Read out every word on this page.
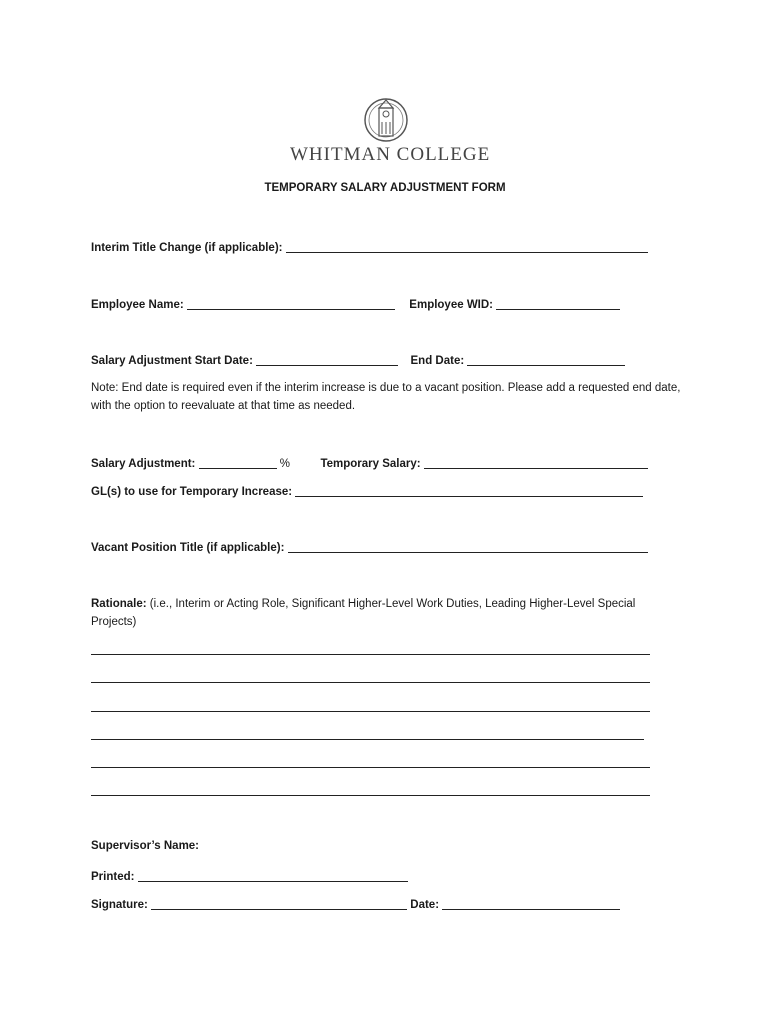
WHITMAN COLLEGE
TEMPORARY SALARY ADJUSTMENT FORM
Interim Title Change (if applicable):
Employee Name:	Employee WID:
Salary Adjustment Start Date:	End Date:
Note: End date is required even if the interim increase is due to a vacant position. Please add a requested end date, with the option to reevaluate at that time as needed.
Salary Adjustment:	%	Temporary Salary:
GL(s) to use for Temporary Increase:
Vacant Position Title (if applicable):
Rationale: (i.e., Interim or Acting Role, Significant Higher-Level Work Duties, Leading Higher-Level Special Projects)
Supervisor’s Name:
Printed:
Signature:	Date:
